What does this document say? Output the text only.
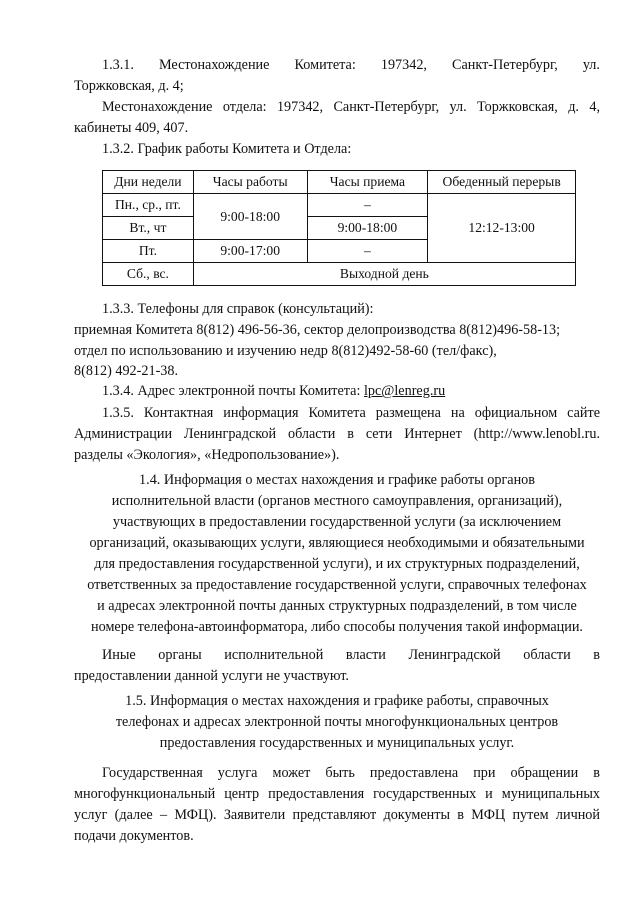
1.3.1. Местонахождение Комитета: 197342, Санкт-Петербург, ул.
Торжковская, д. 4;
Местонахождение отдела: 197342, Санкт-Петербург, ул. Торжковская, д. 4,
кабинеты 409, 407.
1.3.2. График работы Комитета и Отдела:
Дни недели	Часы работы	Часы приема	Обеденный перерыв
Пн., ср., пт.	9:00-18:00	–	12:12-13:00
Вт., чт		9:00-18:00	
Пт.	9:00-17:00	–	
Сб., вс.	Выходной день		
1.3.3. Телефоны для справок (консультаций):
приемная Комитета 8(812) 496-56-36, сектор делопроизводства 8(812)496-58-13;
отдел по использованию и изучению недр 8(812)492-58-60 (тел/факс),
8(812) 492-21-38.
1.3.4. Адрес электронной почты Комитета: lpc@lenreg.ru
1.3.5. Контактная информация Комитета размещена на официальном сайте
Администрации Ленинградской области в сети Интернет (http://www.lenobl.ru.
разделы «Экология», «Недропользование»).
1.4. Информация о местах нахождения и графике работы органов
исполнительной власти (органов местного самоуправления, организаций),
участвующих в предоставлении государственной услуги (за исключением
организаций, оказывающих услуги, являющиеся необходимыми и обязательными
для предоставления государственной услуги), и их структурных подразделений,
ответственных за предоставление государственной услуги, справочных телефонах
и адресах электронной почты данных структурных подразделений, в том числе
номере телефона-автоинформатора, либо способы получения такой информации.
Иные органы исполнительной власти Ленинградской области в
предоставлении данной услуги не участвуют.
1.5. Информация о местах нахождения и графике работы, справочных
телефонах и адресах электронной почты многофункциональных центров
предоставления государственных и муниципальных услуг.
Государственная услуга может быть предоставлена при обращении в
многофункциональный центр предоставления государственных и муниципальных
услуг (далее – МФЦ). Заявители представляют документы в МФЦ путем личной
подачи документов.
